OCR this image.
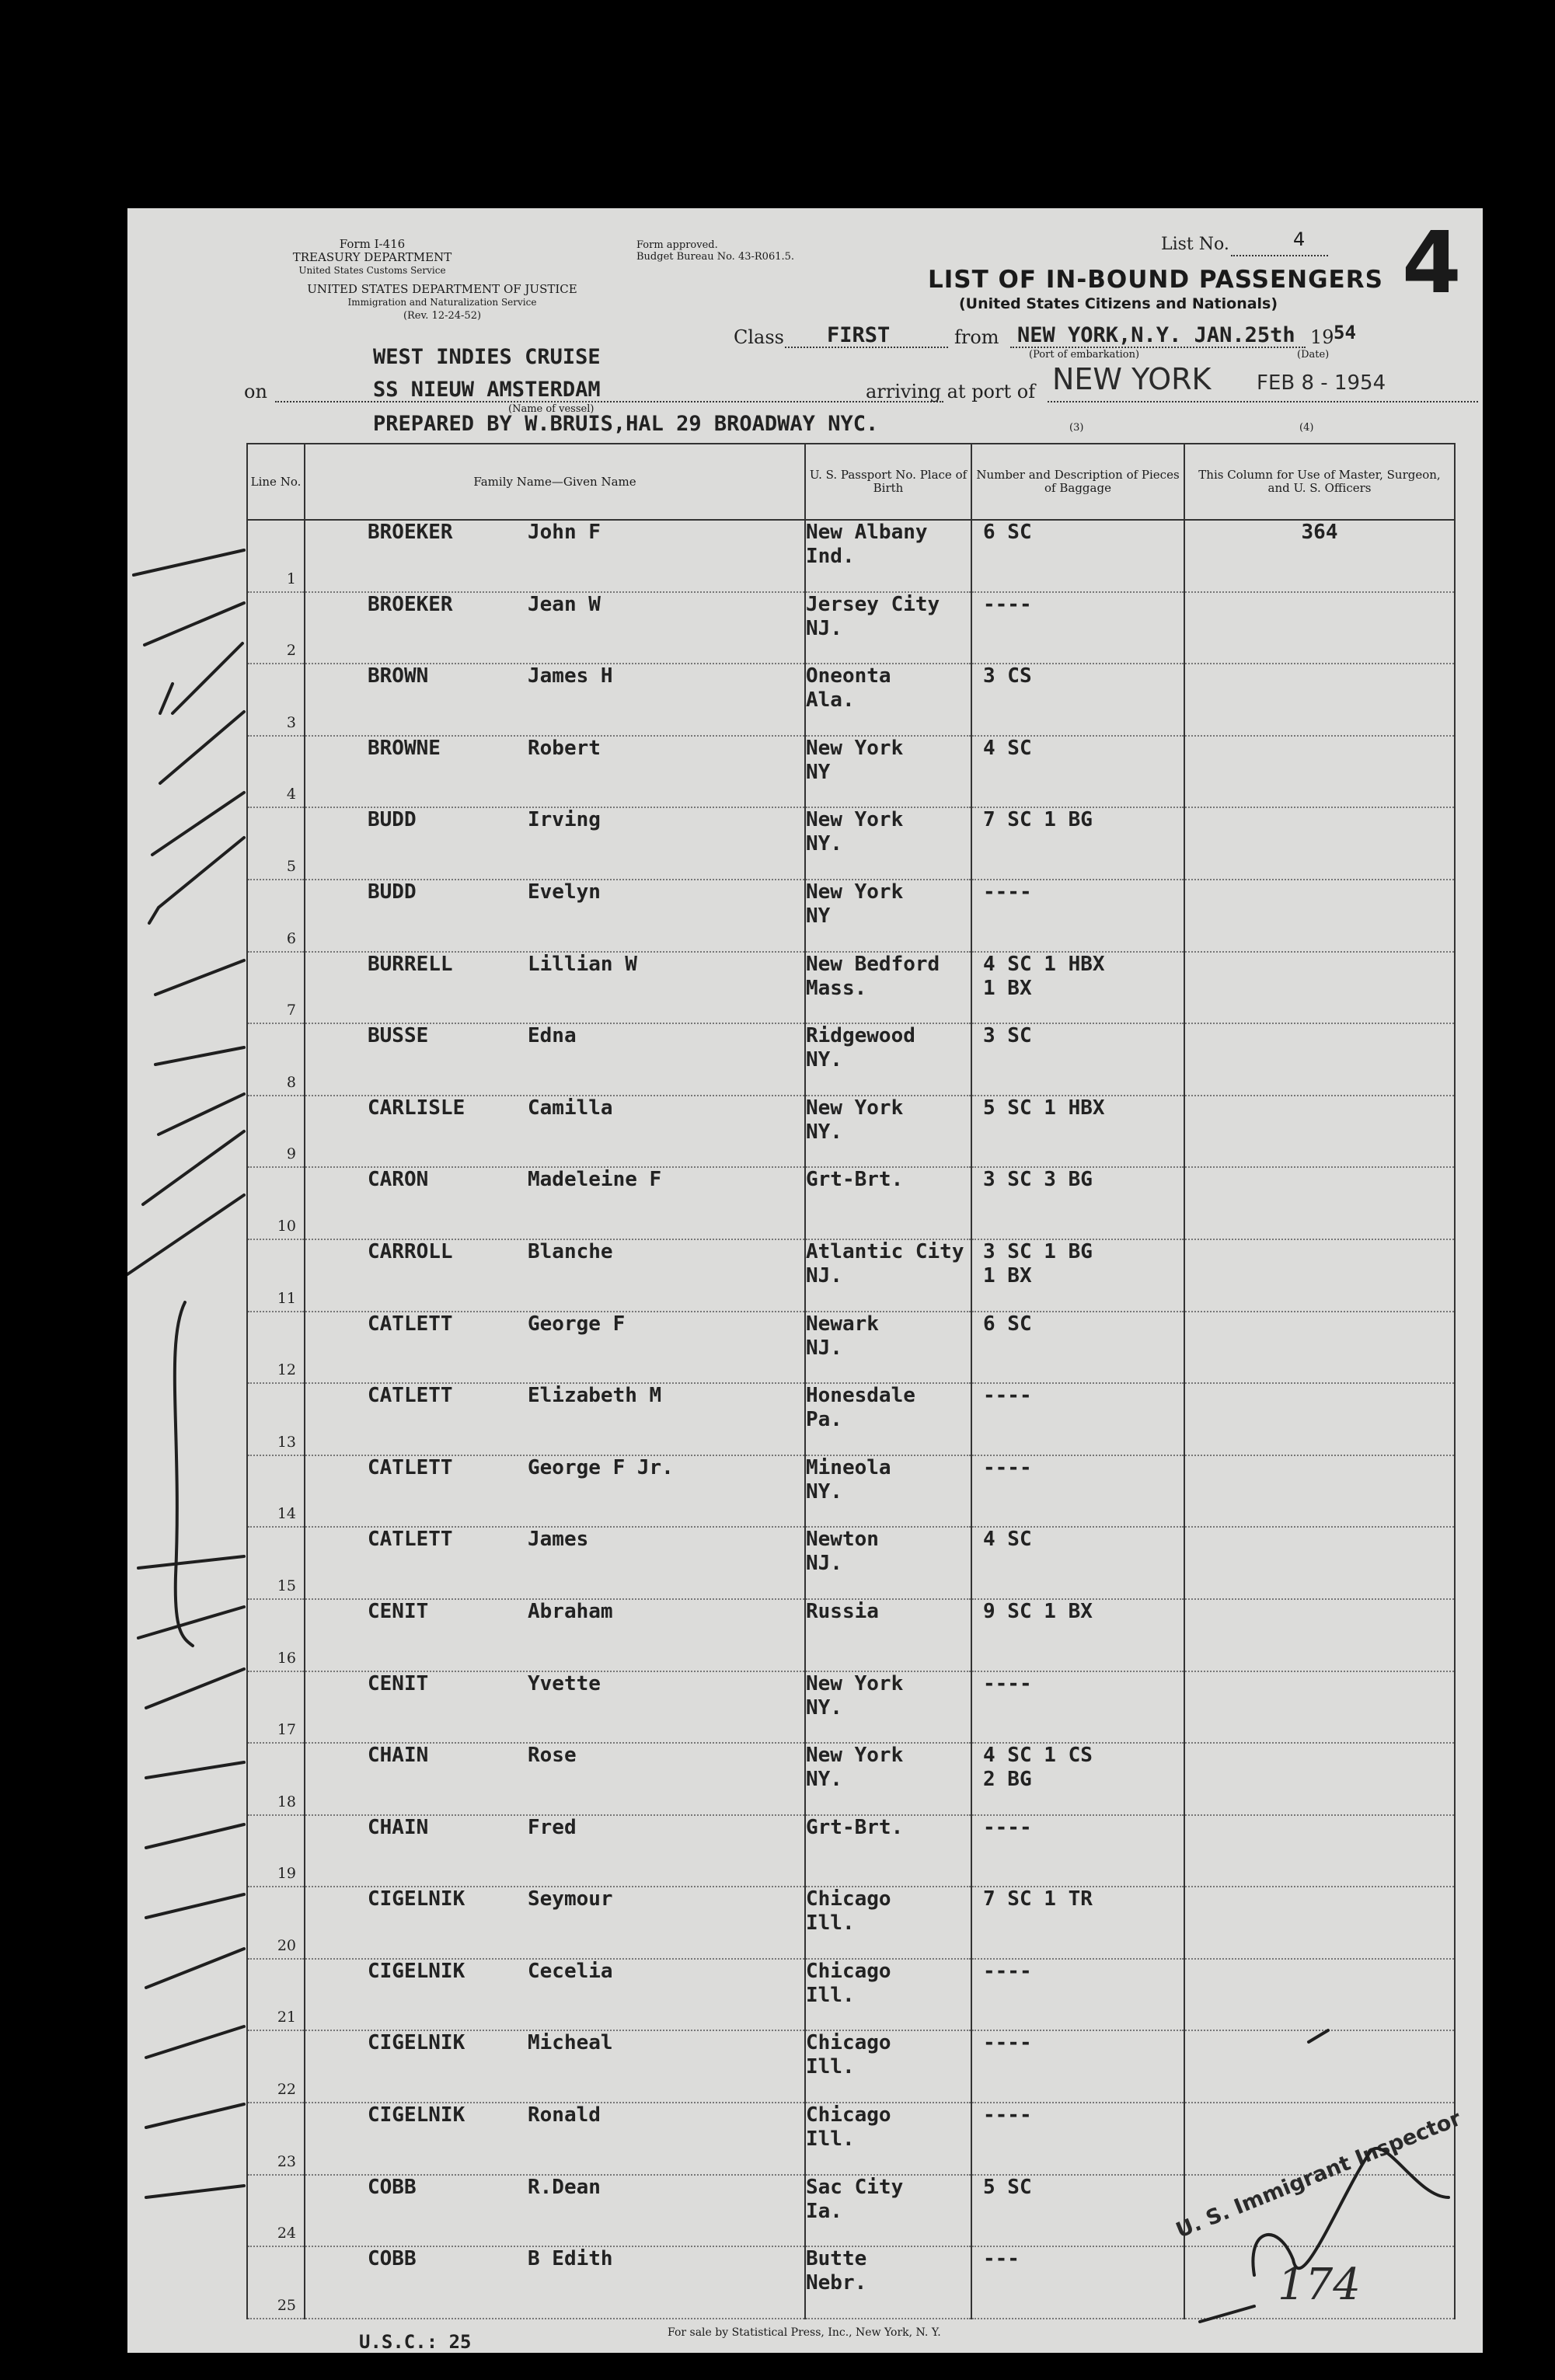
Form I-416
TREASURY DEPARTMENT
United States Customs Service
UNITED STATES DEPARTMENT OF JUSTICE
Immigration and Naturalization Service
(Rev. 12-24-52)
Form approved.
Budget Bureau No. 43-R061.5.
List No.	4 4
LIST OF IN-BOUND PASSENGERS
(United States Citizens and Nationals)
Class FIRST	from NEW YORK,N.Y. JAN.25th 19 54
(Port of embarkation)	(Date)
WEST INDIES CRUISE
on	SS NIEUW AMSTERDAM
(Name of vessel)
arriving at port of NEW YORK FEB 8 - 1954
(3)	(4)
PREPARED BY W.BRUIS,HAL 29 BROADWAY NYC.
Line No.	Family Name—Given Name	U. S. Passport No. Place of Birth	Number and Description of Pieces of Baggage	This Column for Use of Master, Surgeon, and U. S. Officers
1	BROEKER John F	New Albany
Ind.	6 SC	364
2	BROEKER Jean W	Jersey City
NJ.	----	

3	BROWN James H	Oneonta
Ala.	3 CS	

4	BROWNE Robert	New York
NY	4 SC	

5	BUDD Irving	New York
NY.	7 SC 1 BG	

6	BUDD Evelyn	New York
NY	----	

7	BURRELL Lillian W	New Bedford
Mass.	4 SC 1 HBX
1 BX	

8	BUSSE Edna	Ridgewood
NY.	3 SC	

9	CARLISLE Camilla	New York
NY.	5 SC 1 HBX	

10	CARON Madeleine F	Grt-Brt.	3 SC 3 BG	

11	CARROLL Blanche	Atlantic City
NJ.	3 SC 1 BG
1 BX	

12	CATLETT George F	Newark
NJ.	6 SC	

13	CATLETT Elizabeth M	Honesdale
Pa.	----	

14	CATLETT George F Jr.	Mineola
NY.	----	

15	CATLETT James	Newton
NJ.	4 SC	

16	CENIT Abraham	Russia	9 SC 1 BX	

17	CENIT Yvette	New York
NY.	----	

18	CHAIN Rose	New York
NY.	4 SC 1 CS
2 BG	

19	CHAIN Fred	Grt-Brt.	----	

20	CIGELNIK Seymour	Chicago
Ill.	7 SC 1 TR	

21	CIGELNIK Cecelia	Chicago
Ill.	----	

22	CIGELNIK Micheal	Chicago
Ill.	----	

23	CIGELNIK Ronald	Chicago
Ill.	----	

24	COBB R.Dean	Sac City
Ia.	5 SC	

25	COBB B Edith	Butte
Nebr.	---	

U.S.C.: 25	For sale by Statistical Press, Inc., New York, N. Y.
U. S. Immigrant Inspector
174
